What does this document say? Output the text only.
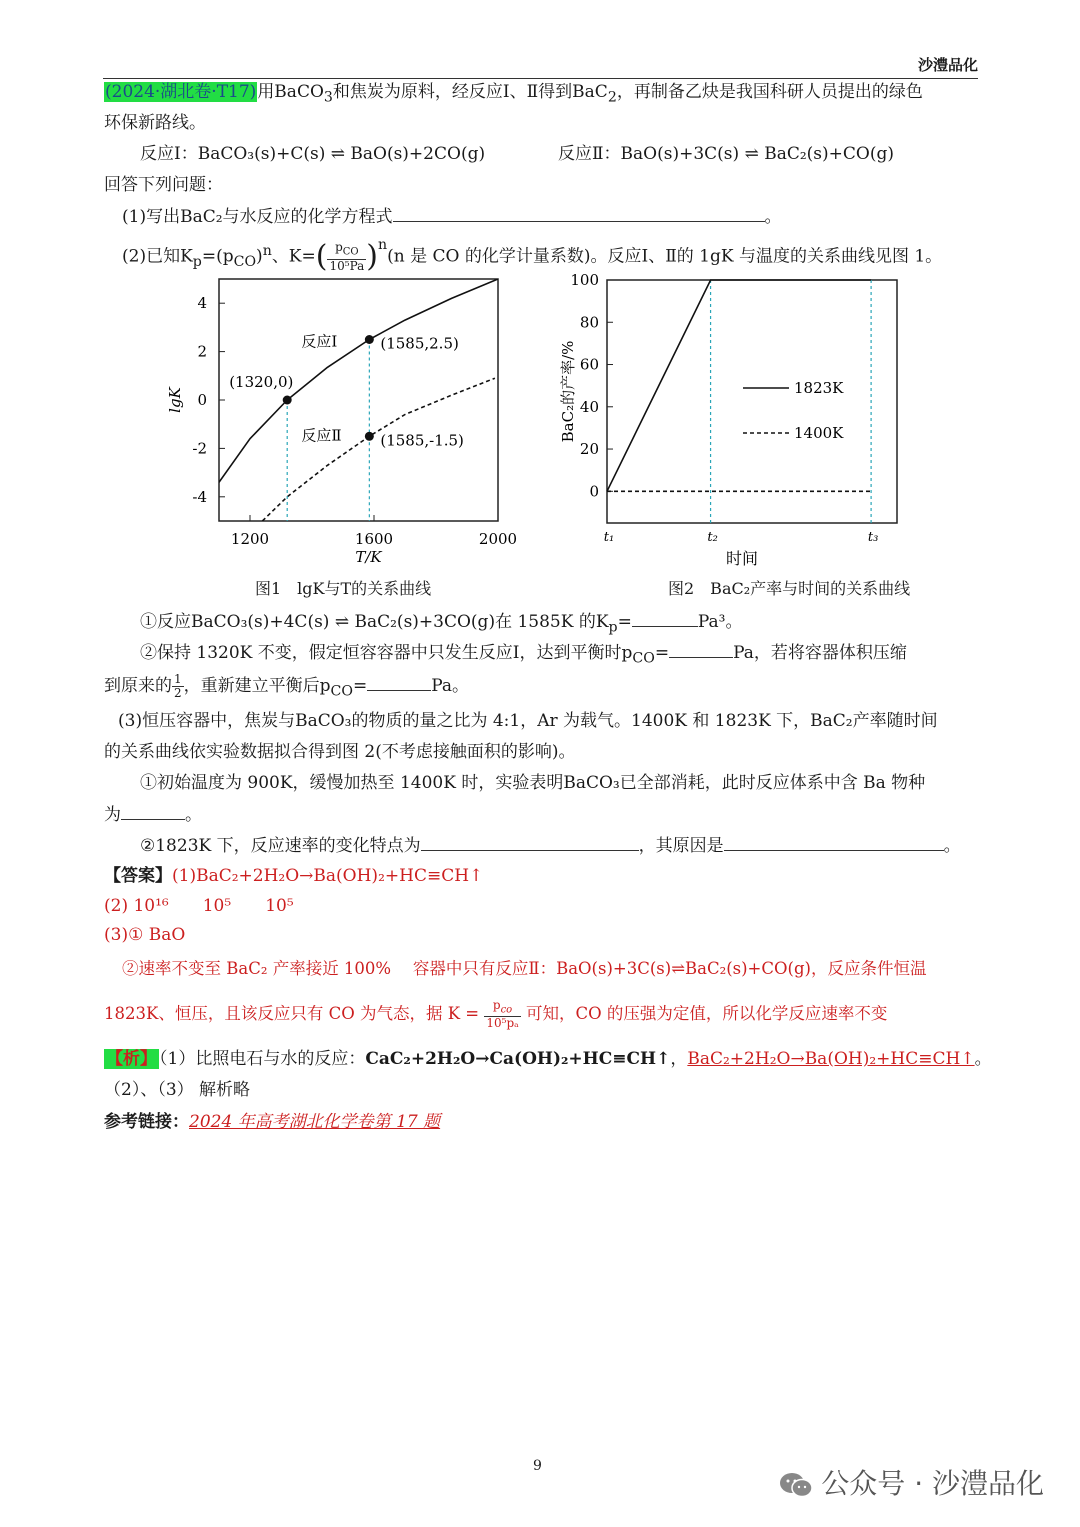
沙澧品化
(2024·湖北卷·T17)用BaCO$_3$和焦炭为原料，经反应Ⅰ、Ⅱ得到BaC$_2$，再制备乙炔是我国科研人员提出的绿色
环保新路线。
反应Ⅰ：BaCO₃(s)+C(s) ⇌ BaO(s)+2CO(g)	反应Ⅱ：BaO(s)+3C(s) ⇌ BaC₂(s)+CO(g)
回答下列问题：
(1)写出BaC₂与水反应的化学方程式	。
(2)已知$K_p=(p_{CO})^n$、$K=( \frac{p_{CO}}{\text{10⁵Pa}} )^n(n$ 是 CO 的化学计量系数)。反应Ⅰ、Ⅱ的 1gK 与温度的关系曲线见图 1。
4
2
0
-2
-4
1200	1600	2000
T/K
lgK
(1320,0)
(1585,2.5)
(1585,-1.5)
反应Ⅰ
反应Ⅱ
图1　lgK与T的关系曲线
100
80
60
40
20
0
t₁	t₂	t₃
时间
BaC₂的产率/%	1823K
1400K
图2　BaC₂产率与时间的关系曲线
①反应BaCO₃(s)+4C(s) ⇌ BaC₂(s)+3CO(g)在 1585K 的$K_p=$	Pa³。
②保持 1320K 不变，假定恒容容器中只发生反应Ⅰ，达到平衡时$p_{CO}=$	Pa，若将容器体积压缩
到原来的 $\frac{1}{2}$ ，重新建立平衡后$p_{CO}=$	Pa。
(3)恒压容器中，焦炭与BaCO₃的物质的量之比为 4:1，Ar 为载气。1400K 和 1823K 下，BaC₂产率随时间
的关系曲线依实验数据拟合得到图 2(不考虑接触面积的影响)。
①初始温度为 900K，缓慢加热至 1400K 时，实验表明BaCO₃已全部消耗，此时反应体系中含 Ba 物种
为	。
②1823K 下，反应速率的变化特点为	，其原因是	。
【答案】(1)BaC₂+2H₂O→Ba(OH)₂+HC≡CH↑
(2) 10¹⁶　　10⁵　　10⁵
(3)① BaO
②速率不变至 BaC₂ 产率接近 100%　 容器中只有反应Ⅱ：BaO(s)+3C(s)⇌BaC₂(s)+CO(g)，反应条件恒温
1823K、恒压，且该反应只有 CO 为气态，据 $K = \frac{p_{co}}{\text{10⁵pₐ}}$ 可知，CO 的压强为定值，所以化学反应速率不变
【析】 （1）比照电石与水的反应：CaC₂+2H₂O→Ca(OH)₂+HC≡CH↑，BaC₂+2H₂O→Ba(OH)₂+HC≡CH↑。
（2）、（3） 解析略
参考链接：2024 年高考湖北化学卷第 17 题
9
公众号 · 沙澧品化
